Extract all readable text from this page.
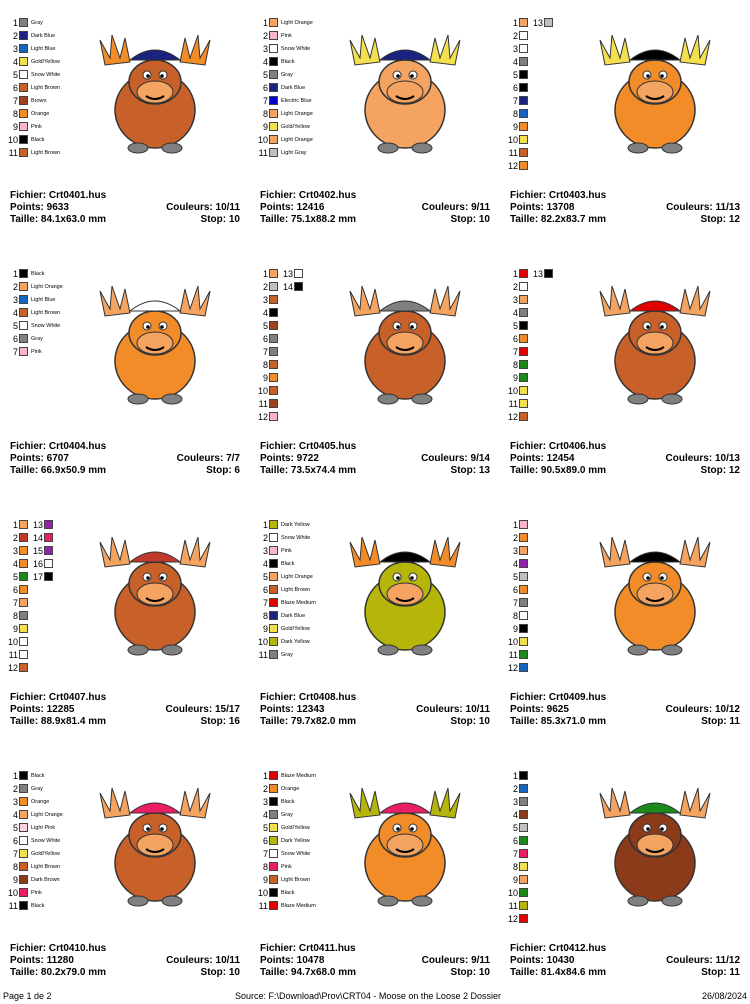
1 Gray
2 Dark Blue
3 Light Blue
4 Gold/Yellow
5 Snow White
6 Light Brown
7 Brown
8 Orange
9 Pink
10 Black
11 Light Brown
Fichier: Crt0401.hus
Points: 9633	Couleurs: 10/11
Taille: 84.1x63.0 mm	Stop: 10
1 Light Orange
2 Pink
3 Snow White
4 Black
5 Gray
6 Dark Blue
7 Electric Blue
8 Light Orange
9 Gold/Yellow
10 Light Orange
11 Light Gray
Fichier: Crt0402.hus
Points: 12416	Couleurs: 9/11
Taille: 75.1x88.2 mm	Stop: 10
1
2
3
4
5
6
7
8
9
10
11
12
13
Fichier: Crt0403.hus
Points: 13708	Couleurs: 11/13
Taille: 82.2x83.7 mm	Stop: 12
1 Black
2 Light Orange
3 Light Blue
4 Light Brown
5 Snow White
6 Gray
7 Pink
Fichier: Crt0404.hus
Points: 6707	Couleurs: 7/7
Taille: 66.9x50.9 mm	Stop: 6
1
2
3
4
5
6
7
8
9
10
11
12
13
14
Fichier: Crt0405.hus
Points: 9722	Couleurs: 9/14
Taille: 73.5x74.4 mm	Stop: 13
1
2
3
4
5
6
7
8
9
10
11
12
13
Fichier: Crt0406.hus
Points: 12454	Couleurs: 10/13
Taille: 90.5x89.0 mm	Stop: 12
1
2
3
4
5
6
7
8
9
10
11
12
13
14
15
16
17
Fichier: Crt0407.hus
Points: 12285	Couleurs: 15/17
Taille: 88.9x81.4 mm	Stop: 16
1 Dark Yellow
2 Snow White
3 Pink
4 Black
5 Light Orange
6 Light Brown
7 Blaze Medium
8 Dark Blue
9 Gold/Yellow
10 Dark Yellow
11 Gray
Fichier: Crt0408.hus
Points: 12343	Couleurs: 10/11
Taille: 79.7x82.0 mm	Stop: 10
1
2
3
4
5
6
7
8
9
10
11
12
Fichier: Crt0409.hus
Points: 9625	Couleurs: 10/12
Taille: 85.3x71.0 mm	Stop: 11
1 Black
2 Gray
3 Orange
4 Light Orange
5 Light Pink
6 Snow White
7 Gold/Yellow
8 Light Brown
9 Dark Brown
10 Pink
11 Black
Fichier: Crt0410.hus
Points: 11280	Couleurs: 10/11
Taille: 80.2x79.0 mm	Stop: 10
1 Blaze Medium
2 Orange
3 Black
4 Gray
5 Gold/Yellow
6 Dark Yellow
7 Snow White
8 Pink
9 Light Brown
10 Black
11 Blaze Medium
Fichier: Crt0411.hus
Points: 10478	Couleurs: 9/11
Taille: 94.7x68.0 mm	Stop: 10
1
2
3
4
5
6
7
8
9
10
11
12
Fichier: Crt0412.hus
Points: 10430	Couleurs: 11/12
Taille: 81.4x84.6 mm	Stop: 11
Page 1 de 2	Source: F:\Download\Prov\CRT04 - Moose on the Loose 2 Dossier	26/08/2024
